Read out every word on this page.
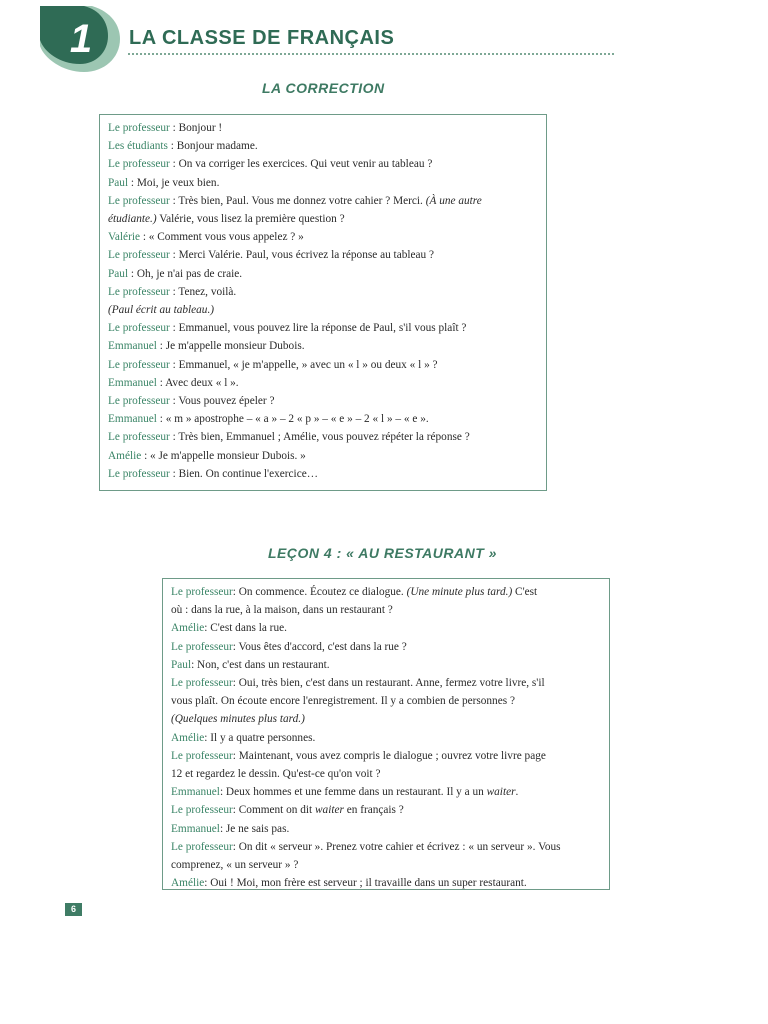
1	LA CLASSE DE FRANÇAIS
LA CORRECTION
Le professeur : Bonjour !
Les étudiants : Bonjour madame.
Le professeur : On va corriger les exercices. Qui veut venir au tableau ?
Paul : Moi, je veux bien.
Le professeur : Très bien, Paul. Vous me donnez votre cahier ? Merci. (À une autre
étudiante.) Valérie, vous lisez la première question ?
Valérie : « Comment vous vous appelez ? »
Le professeur : Merci Valérie. Paul, vous écrivez la réponse au tableau ?
Paul : Oh, je n'ai pas de craie.
Le professeur : Tenez, voilà.
(Paul écrit au tableau.)
Le professeur : Emmanuel, vous pouvez lire la réponse de Paul, s'il vous plaît ?
Emmanuel : Je m'appelle monsieur Dubois.
Le professeur : Emmanuel, « je m'appelle, » avec un « l » ou deux « l » ?
Emmanuel : Avec deux « l ».
Le professeur : Vous pouvez épeler ?
Emmanuel : « m » apostrophe – « a » – 2 « p » – « e » – 2 « l » – « e ».
Le professeur : Très bien, Emmanuel ; Amélie, vous pouvez répéter la réponse ?
Amélie : « Je m'appelle monsieur Dubois. »
Le professeur : Bien. On continue l'exercice…
LEÇON 4 : « AU RESTAURANT »
Le professeur: On commence. Écoutez ce dialogue. (Une minute plus tard.) C'est
où : dans la rue, à la maison, dans un restaurant ?
Amélie: C'est dans la rue.
Le professeur: Vous êtes d'accord, c'est dans la rue ?
Paul: Non, c'est dans un restaurant.
Le professeur: Oui, très bien, c'est dans un restaurant. Anne, fermez votre livre, s'il
vous plaît. On écoute encore l'enregistrement. Il y a combien de personnes ?
(Quelques minutes plus tard.)
Amélie: Il y a quatre personnes.
Le professeur: Maintenant, vous avez compris le dialogue ; ouvrez votre livre page
12 et regardez le dessin. Qu'est-ce qu'on voit ?
Emmanuel: Deux hommes et une femme dans un restaurant. Il y a un waiter.
Le professeur: Comment on dit waiter en français ?
Emmanuel: Je ne sais pas.
Le professeur: On dit « serveur ». Prenez votre cahier et écrivez : « un serveur ». Vous
comprenez, « un serveur » ?
Amélie: Oui ! Moi, mon frère est serveur ; il travaille dans un super restaurant.
6
